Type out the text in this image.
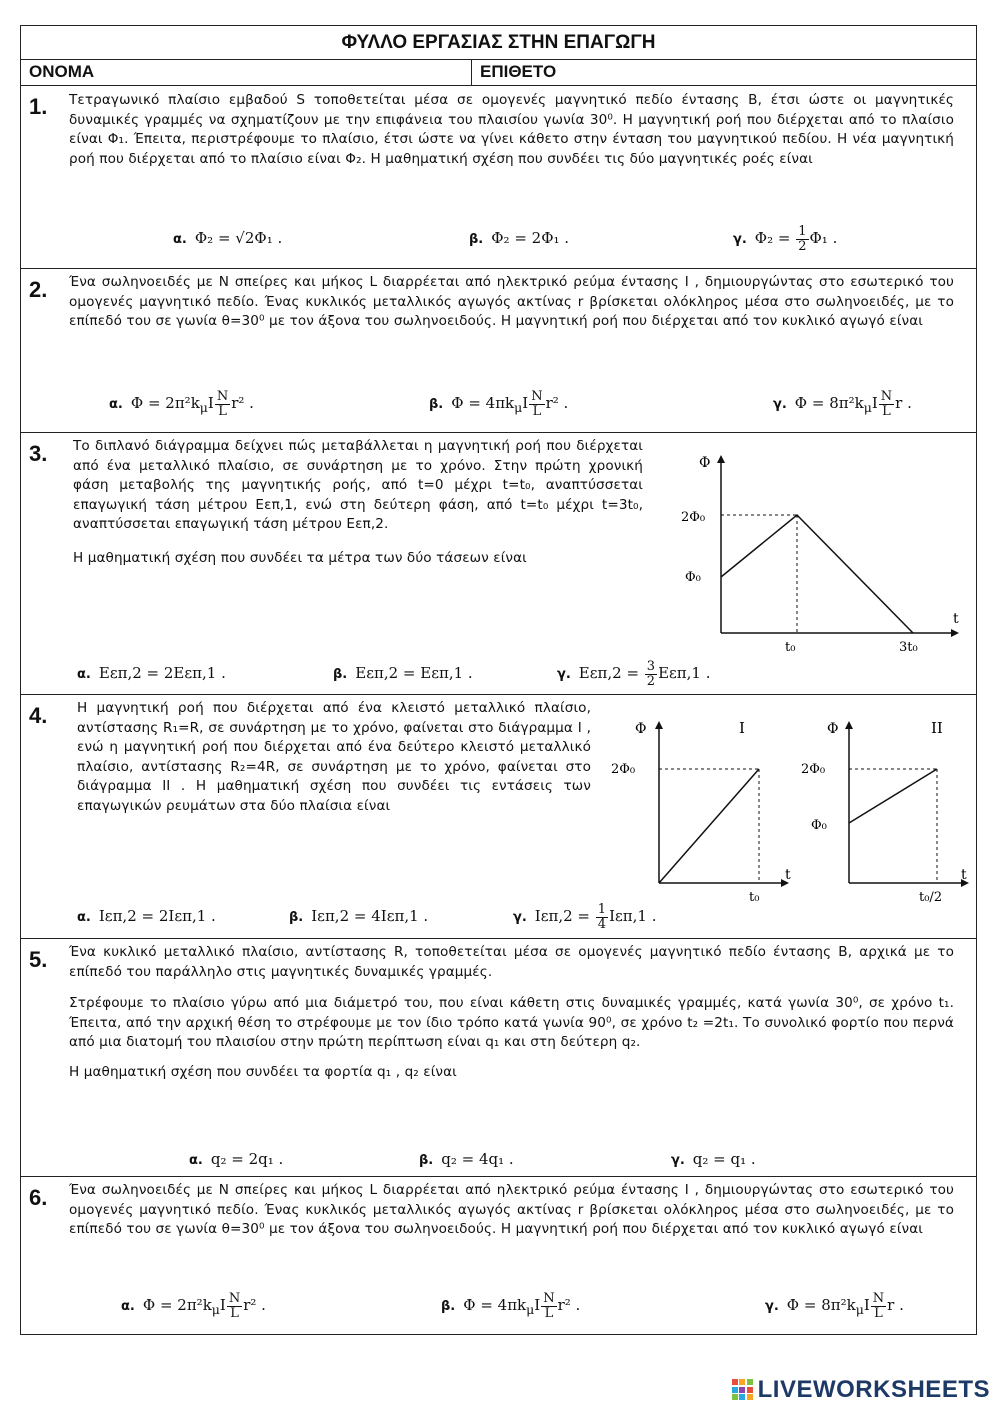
ΦΥΛΛΟ ΕΡΓΑΣΙΑΣ ΣΤΗΝ ΕΠΑΓΩΓΗ
ΟΝΟΜΑ	ΕΠΙΘΕΤΟ
1. Τετραγωνικό πλαίσιο εμβαδού S τοποθετείται μέσα σε ομογενές μαγνητικό πεδίο έντασης B, έτσι ώστε οι μαγνητικές δυναμικές γραμμές να σχηματίζουν με την επιφάνεια του πλαισίου γωνία 30⁰. Η μαγνητική ροή που διέρχεται από το πλαίσιο είναι Φ₁. Έπειτα, περιστρέφουμε το πλαίσιο, έτσι ώστε να γίνει κάθετο στην ένταση του μαγνητικού πεδίου. Η νέα μαγνητική ροή που διέρχεται από το πλαίσιο είναι Φ₂. Η μαθηματική σχέση που συνδέει τις δύο μαγνητικές ροές είναι
α. Φ₂ = √2Φ₁ .	β. Φ₂ = 2Φ₁ .	γ. $\Phi_2 = \frac{1}{2} \Phi_1$ .
2. Ένα σωληνοειδές με N σπείρες και μήκος L διαρρέεται από ηλεκτρικό ρεύμα έντασης I , δημιουργώντας στο εσωτερικό του ομογενές μαγνητικό πεδίο. Ένας κυκλικός μεταλλικός αγωγός ακτίνας r βρίσκεται ολόκληρος μέσα στο σωληνοειδές, με το επίπεδό του σε γωνία θ=30⁰ με τον άξονα του σωληνοειδούς. Η μαγνητική ροή που διέρχεται από τον κυκλικό αγωγό είναι
α. $\Phi = 2\pi^2k_\mu I \frac{N}{L} r^2$ .	β. $\Phi = 4\pi k_\mu I \frac{N}{L} r^2$ .	γ. $\Phi = 8\pi^2k_\mu I \frac{N}{L}$ r .
3. Το διπλανό διάγραμμα δείχνει πώς μεταβάλλεται η μαγνητική ροή που διέρχεται από ένα μεταλλικό πλαίσιο, σε συνάρτηση με το χρόνο. Στην πρώτη χρονική φάση μεταβολής της μαγνητικής ροής, από t=0 μέχρι t=t₀, αναπτύσσεται επαγωγική τάση μέτρου Eεπ,1, ενώ στη δεύτερη φάση, από t=t₀ μέχρι t=3t₀, αναπτύσσεται επαγωγική τάση μέτρου Eεπ,2.

Η μαθηματική σχέση που συνδέει τα μέτρα των δύο τάσεων είναι

Φ
t
2Φ₀
Φ₀
t₀	3t₀
α. Eεπ,2 = 2Eεπ,1 .	β. Eεπ,2 = Eεπ,1 .	γ. $E\varepsilon\pi,2 = \frac{3}{2} E\varepsilon\pi,1$ .
4. Η μαγνητική ροή που διέρχεται από ένα κλειστό μεταλλικό πλαίσιο, αντίστασης R₁=R, σε συνάρτηση με το χρόνο, φαίνεται στο διάγραμμα I , ενώ η μαγνητική ροή που διέρχεται από ένα δεύτερο κλειστό μεταλλικό πλαίσιο, αντίστασης R₂=4R, σε συνάρτηση με το χρόνο, φαίνεται στο διάγραμμα II . Η μαθηματική σχέση που συνδέει τις εντάσεις των επαγωγικών ρευμάτων στα δύο πλαίσια είναι
Φ	I
t
2Φ₀
t₀
Φ	II
t
2Φ₀
Φ₀
t₀/2
α. Iεπ,2 = 2Iεπ,1 .	β. Iεπ,2 = 4Iεπ,1 .	γ. $I\varepsilon\pi,2 = \frac{1}{4} I\varepsilon\pi,1$ .
5. Ένα κυκλικό μεταλλικό πλαίσιο, αντίστασης R, τοποθετείται μέσα σε ομογενές μαγνητικό πεδίο έντασης B, αρχικά με το επίπεδό του παράλληλο στις μαγνητικές δυναμικές γραμμές.

Στρέφουμε το πλαίσιο γύρω από μια διάμετρό του, που είναι κάθετη στις δυναμικές γραμμές, κατά γωνία 30⁰, σε χρόνο t₁. Έπειτα, από την αρχική θέση το στρέφουμε με τον ίδιο τρόπο κατά γωνία 90⁰, σε χρόνο t₂ =2t₁. Το συνολικό φορτίο που περνά από μια διατομή του πλαισίου στην πρώτη περίπτωση είναι q₁ και στη δεύτερη q₂.

Η μαθηματική σχέση που συνδέει τα φορτία q₁ , q₂ είναι

α. q₂ = 2q₁ .	β. q₂ = 4q₁ .	γ. q₂ = q₁ .
6. Ένα σωληνοειδές με N σπείρες και μήκος L διαρρέεται από ηλεκτρικό ρεύμα έντασης I , δημιουργώντας στο εσωτερικό του ομογενές μαγνητικό πεδίο. Ένας κυκλικός μεταλλικός αγωγός ακτίνας r βρίσκεται ολόκληρος μέσα στο σωληνοειδές, με το επίπεδό του σε γωνία θ=30⁰ με τον άξονα του σωληνοειδούς. Η μαγνητική ροή που διέρχεται από τον κυκλικό αγωγό είναι
α. $\Phi = 2\pi^2k_\mu I \frac{N}{L} r^2$ .	β. $\Phi = 4\pi k_\mu I \frac{N}{L} r^2$ .	γ. $\Phi = 8\pi^2k_\mu I \frac{N}{L}$ r .
LIVEWORKSHEETS
